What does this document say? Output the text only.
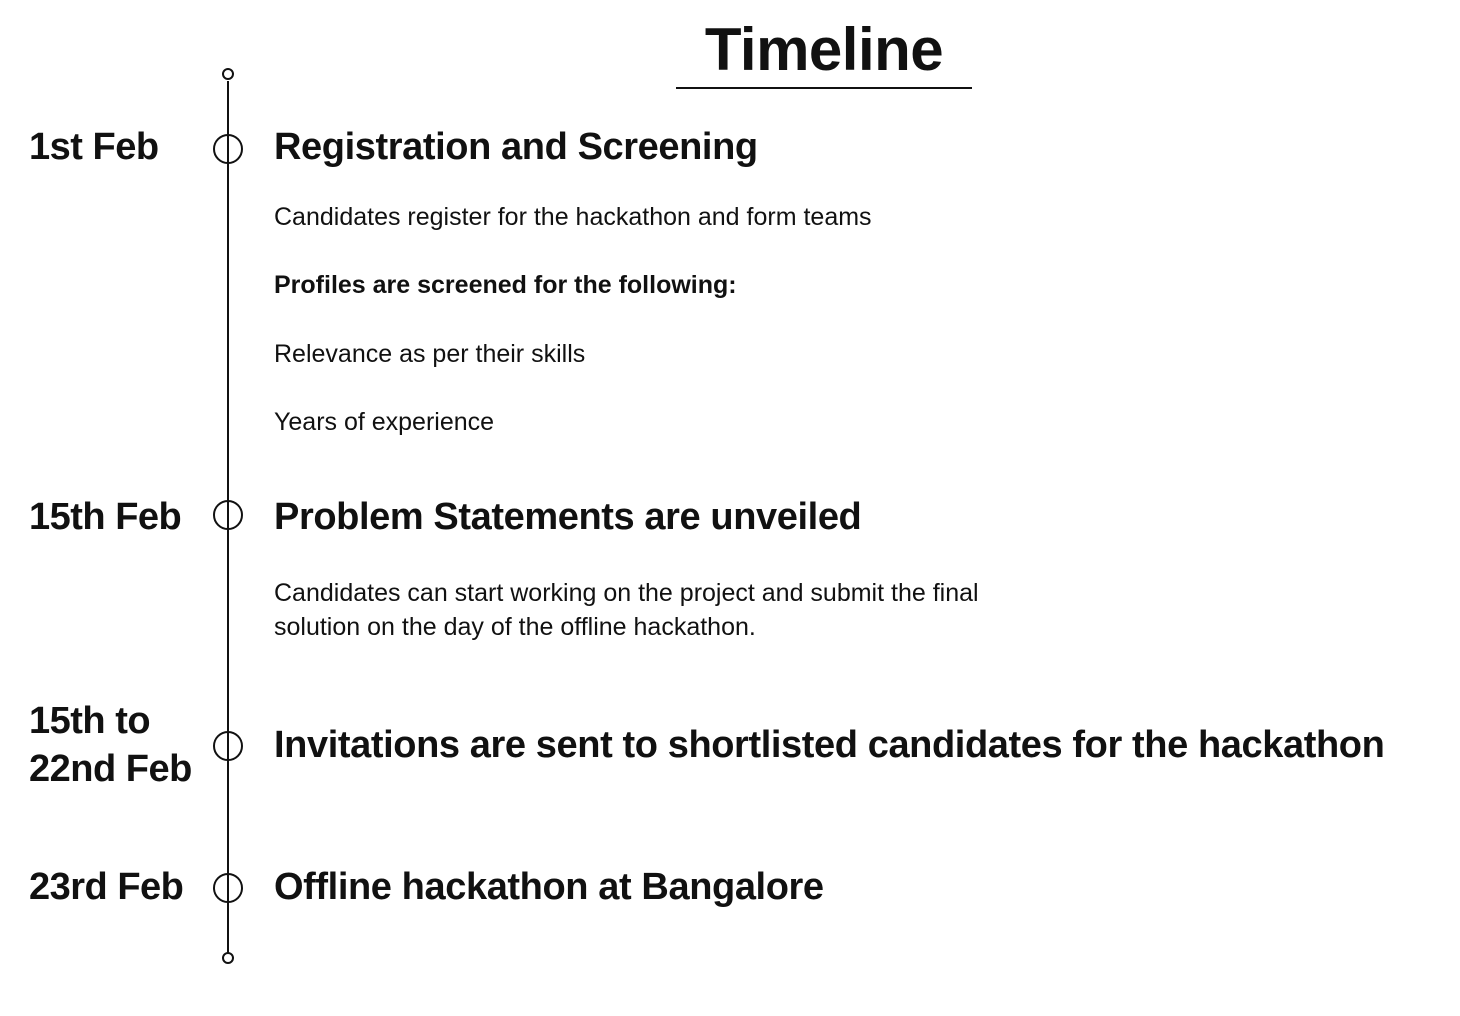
Timeline
1st Feb	Registration and Screening
Candidates register for the hackathon and form teams
Profiles are screened for the following:
Relevance as per their skills
Years of experience
15th Feb Problem Statements are unveiled
Candidates can start working on the project and submit the final
solution on the day of the offline hackathon.
15th to
22nd Feb
Invitations are sent to shortlisted candidates for the hackathon
23rd Feb Offline hackathon at Bangalore
